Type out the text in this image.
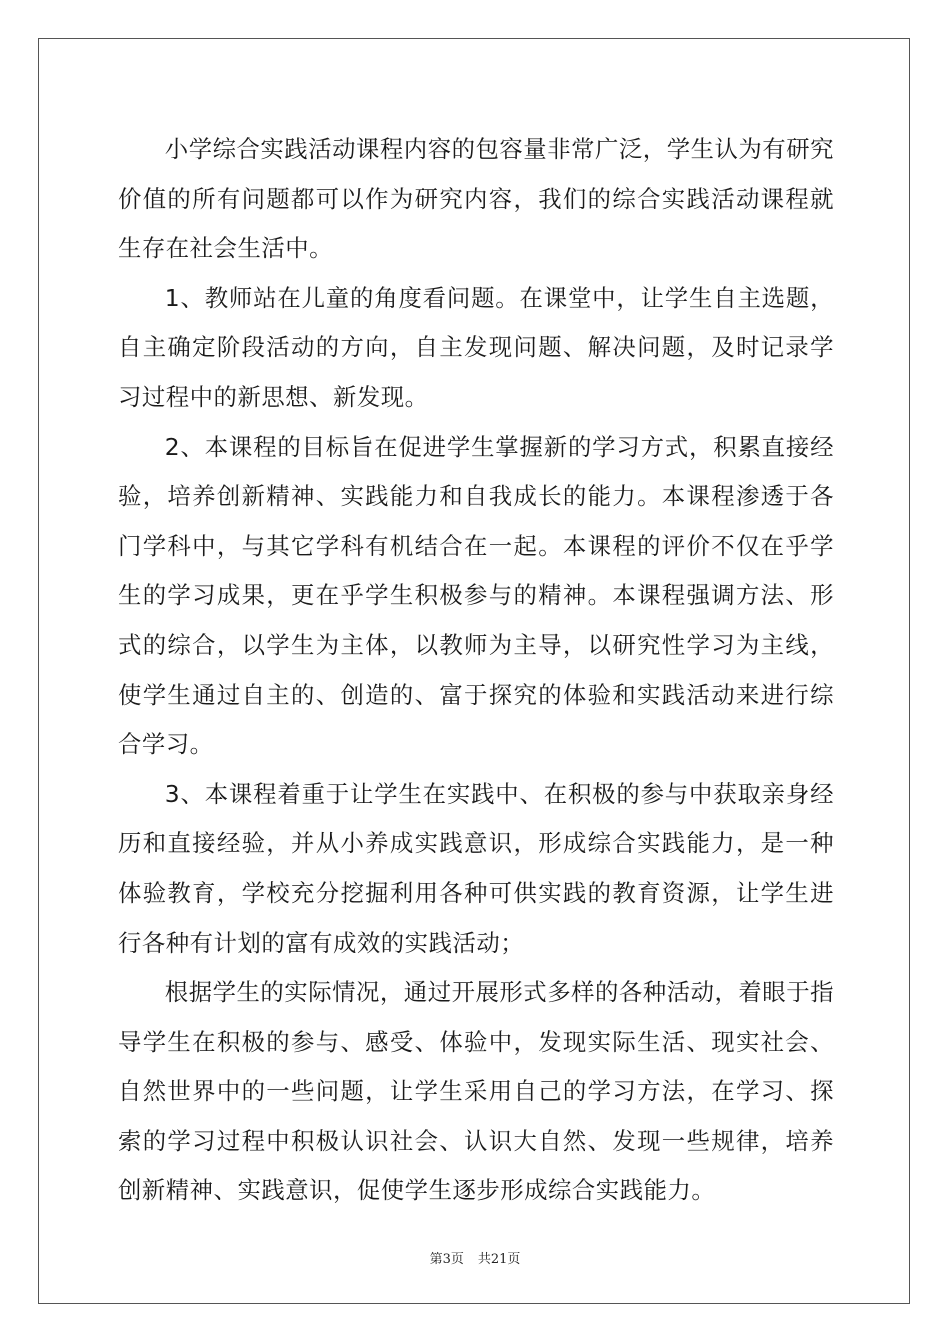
小学综合实践活动课程内容的包容量非常广泛，学生认为有研究价值的所有问题都可以作为研究内容，我们的综合实践活动课程就生存在社会生活中。

1、教师站在儿童的角度看问题。在课堂中，让学生自主选题，自主确定阶段活动的方向，自主发现问题、解决问题，及时记录学习过程中的新思想、新发现。

2、本课程的目标旨在促进学生掌握新的学习方式，积累直接经验，培养创新精神、实践能力和自我成长的能力。本课程渗透于各门学科中，与其它学科有机结合在一起。本课程的评价不仅在乎学生的学习成果，更在乎学生积极参与的精神。本课程强调方法、形式的综合，以学生为主体，以教师为主导，以研究性学习为主线，使学生通过自主的、创造的、富于探究的体验和实践活动来进行综合学习。

3、本课程着重于让学生在实践中、在积极的参与中获取亲身经历和直接经验，并从小养成实践意识，形成综合实践能力，是一种体验教育，学校充分挖掘利用各种可供实践的教育资源，让学生进行各种有计划的富有成效的实践活动；

根据学生的实际情况，通过开展形式多样的各种活动，着眼于指导学生在积极的参与、感受、体验中，发现实际生活、现实社会、自然世界中的一些问题，让学生采用自己的学习方法，在学习、探索的学习过程中积极认识社会、认识大自然、发现一些规律，培养创新精神、实践意识，促使学生逐步形成综合实践能力。

第3页 共21页
